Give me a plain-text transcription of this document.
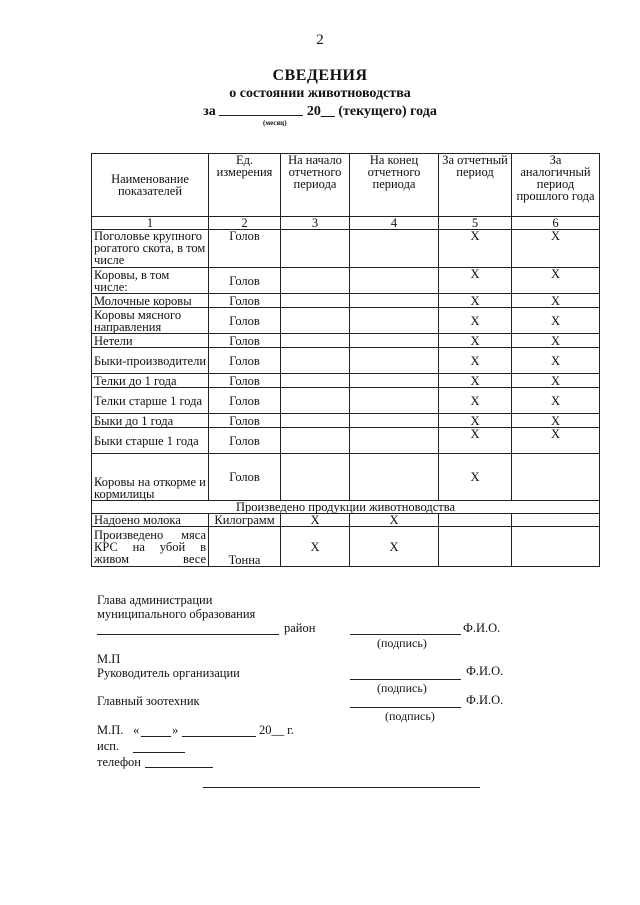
2
СВЕДЕНИЯ
о состоянии животноводства
за	20__ (текущего) года
(месяц)
Наименование показателей	Ед. измерения	На начало отчетного периода	На конец отчетного периода	За отчетный период	За аналогичный период прошлого года
1	2	3	4	5	6
Поголовье крупного рогатого скота, в том числе	Голов			X	X
Коровы, в том числе:	Голов			X	X
Молочные коровы	Голов			X	X
Коровы мясного направления	Голов			X	X
Нетели	Голов			X	X
Быки-производители	Голов			X	X
Телки до 1 года	Голов			X	X
Телки старше 1 года	Голов			X	X
Быки до 1 года	Голов			X	X
Быки старше 1 года	Голов			X	X
Коровы на откорме и кормилицы	Голов			X	
Произведено продукции животноводства					
Надоено молока	Килограмм	X	X		
Произведено мяса КРС на убой в живом весе	Тонна	X	X		
Глава администрации
муниципального образования
район	Ф.И.О.
(подпись)
М.П
Руководитель организации	Ф.И.О.
(подпись)
Главный зоотехник	Ф.И.О.
(подпись)
М.П. «	»	20__ г.
исп.
телефон
